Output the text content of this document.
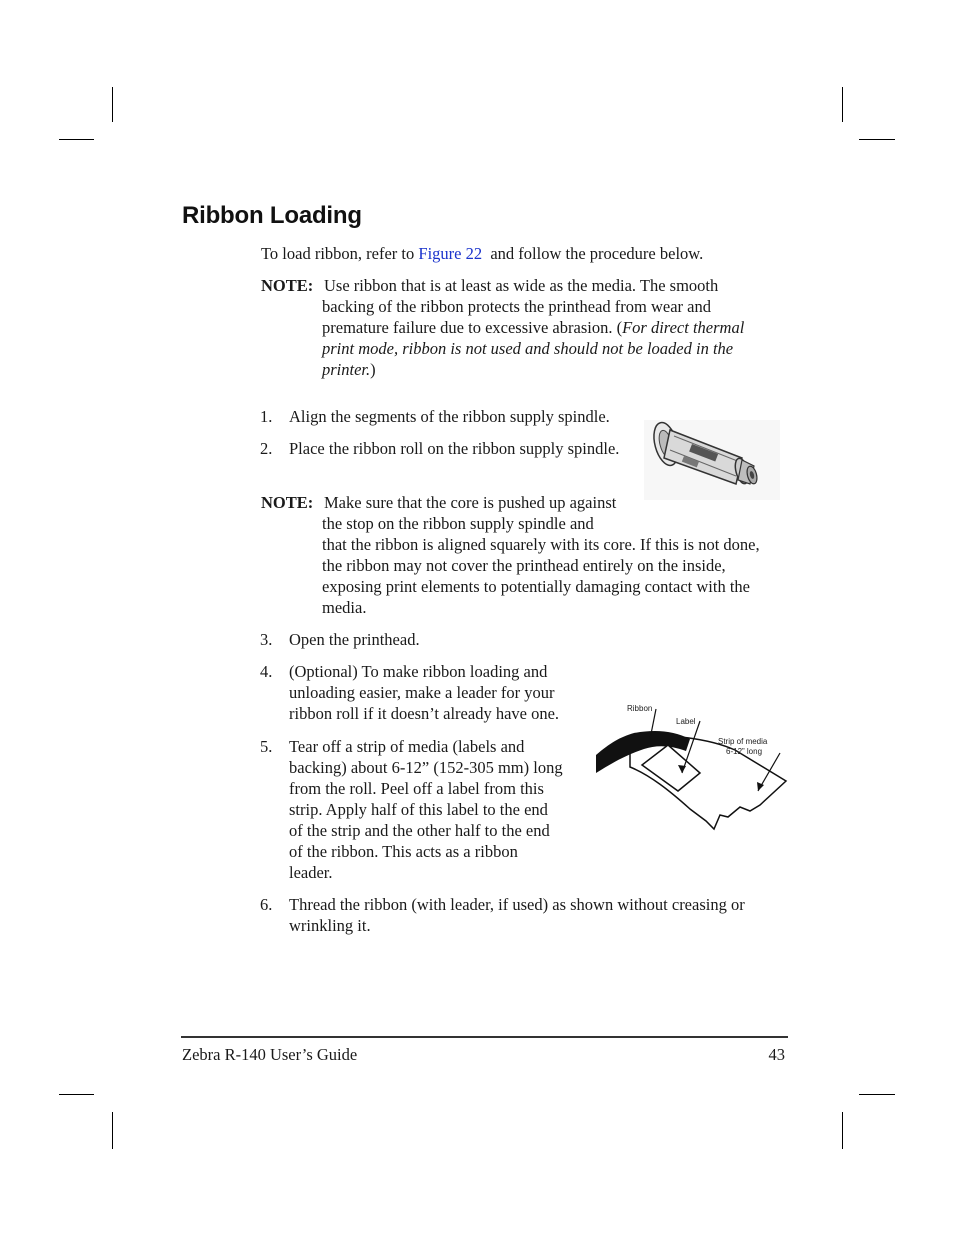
Ribbon Loading
To load ribbon, refer to Figure 22 and follow the procedure below.
NOTE: Use ribbon that is at least as wide as the media. The smooth
backing of the ribbon protects the printhead from wear and
premature failure due to excessive abrasion. (For direct thermal
print mode, ribbon is not used and should not be loaded in the
printer.)
1.	Align the segments of the ribbon supply spindle.
2.	Place the ribbon roll on the ribbon supply spindle.
NOTE: Make sure that the core is pushed up against
the stop on the ribbon supply spindle and
that the ribbon is aligned squarely with its core. If this is not done,
the ribbon may not cover the printhead entirely on the inside,
exposing print elements to potentially damaging contact with the
media.
3.	Open the printhead.
4.	(Optional) To make ribbon loading and
unloading easier, make a leader for your
ribbon roll if it doesn’t already have one.
5.	Tear off a strip of media (labels and
backing) about 6-12” (152-305 mm) long
from the roll. Peel off a label from this
strip. Apply half of this label to the end
of the strip and the other half to the end
of the ribbon. This acts as a ribbon
leader.
Ribbon
Label
Strip of media
6-12” long
6.	Thread the ribbon (with leader, if used) as shown without creasing or
wrinkling it.
Zebra R-140 User’s Guide	43
